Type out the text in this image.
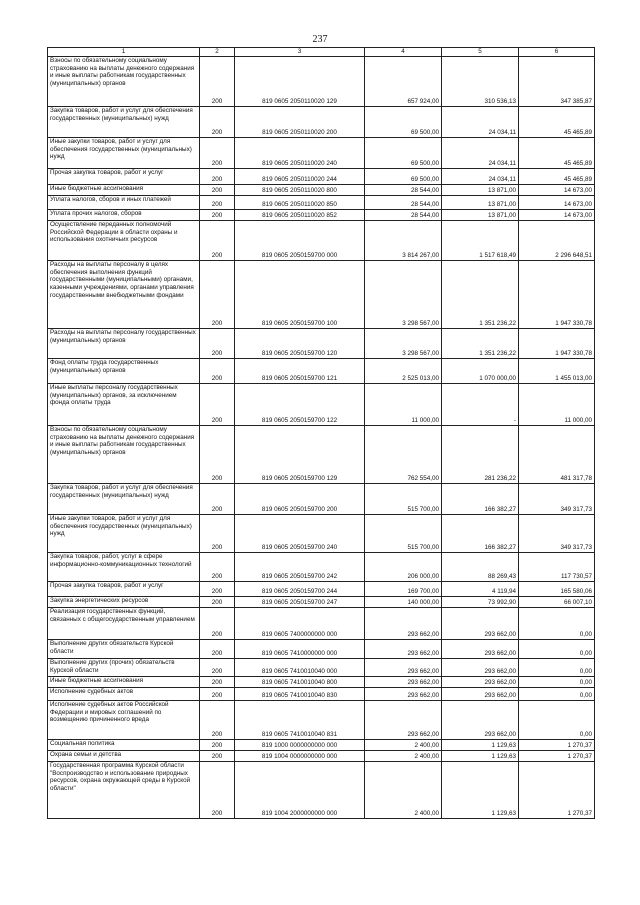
237
1	2	3	4	5	6
Взносы по обязательному социальному страхованию на выплаты денежного содержания и иные выплаты работникам государственных (муниципальных) органов	200	819 0605 2050110020 129	657 924,00	310 536,13	347 385,87
Закупка товаров, работ и услуг для обеспечения государственных (муниципальных) нужд	200	819 0605 2050110020 200	69 500,00	24 034,11	45 465,89
Иные закупки товаров, работ и услуг для обеспечения государственных (муниципальных) нужд	200	819 0605 2050110020 240	69 500,00	24 034,11	45 465,89
Прочая закупка товаров, работ и услуг	200	819 0605 2050110020 244	69 500,00	24 034,11	45 465,89
Иные бюджетные ассигнования	200	819 0605 2050110020 800	28 544,00	13 871,00	14 673,00
Уплата налогов, сборов и иных платежей	200	819 0605 2050110020 850	28 544,00	13 871,00	14 673,00
Уплата прочих налогов, сборов	200	819 0605 2050110020 852	28 544,00	13 871,00	14 673,00
Осуществление переданных полномочий Российской Федерации в области охраны и использования охотничьих ресурсов	200	819 0605 2050159700 000	3 814 267,00	1 517 618,49	2 296 648,51
Расходы на выплаты персоналу в целях обеспечения выполнения функций государственными (муниципальными) органами, казенными учреждениями, органами управления государственными внебюджетными фондами	200	819 0605 2050159700 100	3 298 567,00	1 351 236,22	1 947 330,78
Расходы на выплаты персоналу государственных (муниципальных) органов	200	819 0605 2050159700 120	3 298 567,00	1 351 236,22	1 947 330,78
Фонд оплаты труда государственных (муниципальных) органов	200	819 0605 2050159700 121	2 525 013,00	1 070 000,00	1 455 013,00
Иные выплаты персоналу государственных (муниципальных) органов, за исключением фонда оплаты труда	200	819 0605 2050159700 122	11 000,00	-	11 000,00
Взносы по обязательному социальному страхованию на выплаты денежного содержания и иные выплаты работникам государственных (муниципальных) органов	200	819 0605 2050159700 129	762 554,00	281 236,22	481 317,78
Закупка товаров, работ и услуг для обеспечения государственных (муниципальных) нужд	200	819 0605 2050159700 200	515 700,00	166 382,27	349 317,73
Иные закупки товаров, работ и услуг для обеспечения государственных (муниципальных) нужд	200	819 0605 2050159700 240	515 700,00	166 382,27	349 317,73
Закупка товаров, работ, услуг в сфере информационно-коммуникационных технологий	200	819 0605 2050159700 242	206 000,00	88 269,43	117 730,57
Прочая закупка товаров, работ и услуг	200	819 0605 2050159700 244	169 700,00	4 119,94	165 580,06
Закупка энергетических ресурсов	200	819 0605 2050159700 247	140 000,00	73 992,90	66 007,10
Реализация государственных функций, связанных с общегосударственным управлением	200	819 0605 7400000000 000	293 662,00	293 662,00	0,00
Выполнение других обязательств Курской области	200	819 0605 7410000000 000	293 662,00	293 662,00	0,00
Выполнение других (прочих) обязательств Курской области	200	819 0605 7410010040 000	293 662,00	293 662,00	0,00
Иные бюджетные ассигнования	200	819 0605 7410010040 800	293 662,00	293 662,00	0,00
Исполнение судебных актов	200	819 0605 7410010040 830	293 662,00	293 662,00	0,00
Исполнение судебных актов Российской Федерации и мировых соглашений по возмещению причиненного вреда	200	819 0605 7410010040 831	293 662,00	293 662,00	0,00
Социальная политика	200	819 1000 0000000000 000	2 400,00	1 129,63	1 270,37
Охрана семьи и детства	200	819 1004 0000000000 000	2 400,00	1 129,63	1 270,37
Государственная программа Курской области "Воспроизводство и использование природных ресурсов, охрана окружающей среды в Курской области"	200	819 1004 2000000000 000	2 400,00	1 129,63	1 270,37
